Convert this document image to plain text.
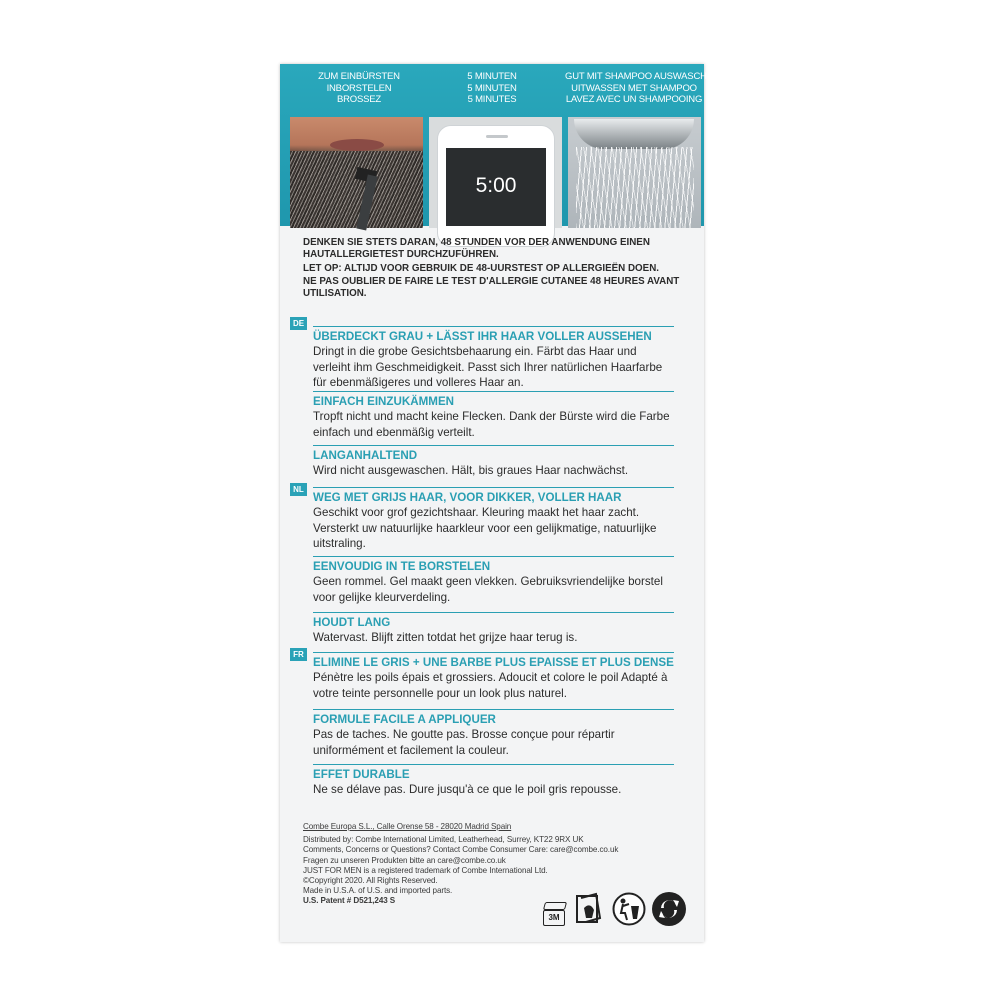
ZUM EINBÜRSTEN
INBORSTELEN
BROSSEZ
5 MINUTEN
5 MINUTEN
5 MINUTES
GUT MIT SHAMPOO AUSWASCHEN
UITWASSEN MET SHAMPOO
LAVEZ AVEC UN SHAMPOOING
5:00

DENKEN SIE STETS DARAN, 48 STUNDEN VOR DER ANWENDUNG EINEN HAUTALLERGIETEST DURCHZUFÜHREN.

LET OP: ALTIJD VOOR GEBRUIK DE 48-UURSTEST OP ALLERGIEËN DOEN.

NE PAS OUBLIER DE FAIRE LE TEST D'ALLERGIE CUTANEE 48 HEURES AVANT UTILISATION.

DE
ÜBERDECKT GRAU + LÄSST IHR HAAR VOLLER AUSSEHEN
Dringt in die grobe Gesichtsbehaarung ein. Färbt das Haar und verleiht ihm Geschmeidigkeit. Passt sich Ihrer natürlichen Haarfarbe für ebenmäßigeres und volleres Haar an.
EINFACH EINZUKÄMMEN
Tropft nicht und macht keine Flecken. Dank der Bürste wird die Farbe einfach und ebenmäßig verteilt.
LANGANHALTEND
Wird nicht ausgewaschen. Hält, bis graues Haar nachwächst.
NL
WEG MET GRIJS HAAR, VOOR DIKKER, VOLLER HAAR
Geschikt voor grof gezichtshaar. Kleuring maakt het haar zacht. Versterkt uw natuurlijke haarkleur voor een gelijkmatige, natuurlijke uitstraling.
EENVOUDIG IN TE BORSTELEN
Geen rommel. Gel maakt geen vlekken. Gebruiksvriendelijke borstel voor gelijke kleurverdeling.
HOUDT LANG
Watervast. Blijft zitten totdat het grijze haar terug is.
FR
ELIMINE LE GRIS + UNE BARBE PLUS EPAISSE ET PLUS DENSE
Pénètre les poils épais et grossiers. Adoucit et colore le poil Adapté à votre teinte personnelle pour un look plus naturel.
FORMULE FACILE A APPLIQUER
Pas de taches. Ne goutte pas. Brosse conçue pour répartir uniformément et facilement la couleur.
EFFET DURABLE
Ne se délave pas. Dure jusqu'à ce que le poil gris repousse.

Combe Europa S.L., Calle Orense 58 - 28020 Madrid Spain

Distributed by: Combe International Limited, Leatherhead, Surrey, KT22 9RX UK

Comments, Concerns or Questions? Contact Combe Consumer Care: care@combe.co.uk

Fragen zu unseren Produkten bitte an care@combe.co.uk

JUST FOR MEN is a registered trademark of Combe International Ltd.

©Copyright 2020. All Rights Reserved.

Made in U.S.A. of U.S. and imported parts.

U.S. Patent # D521,243 S

3M
